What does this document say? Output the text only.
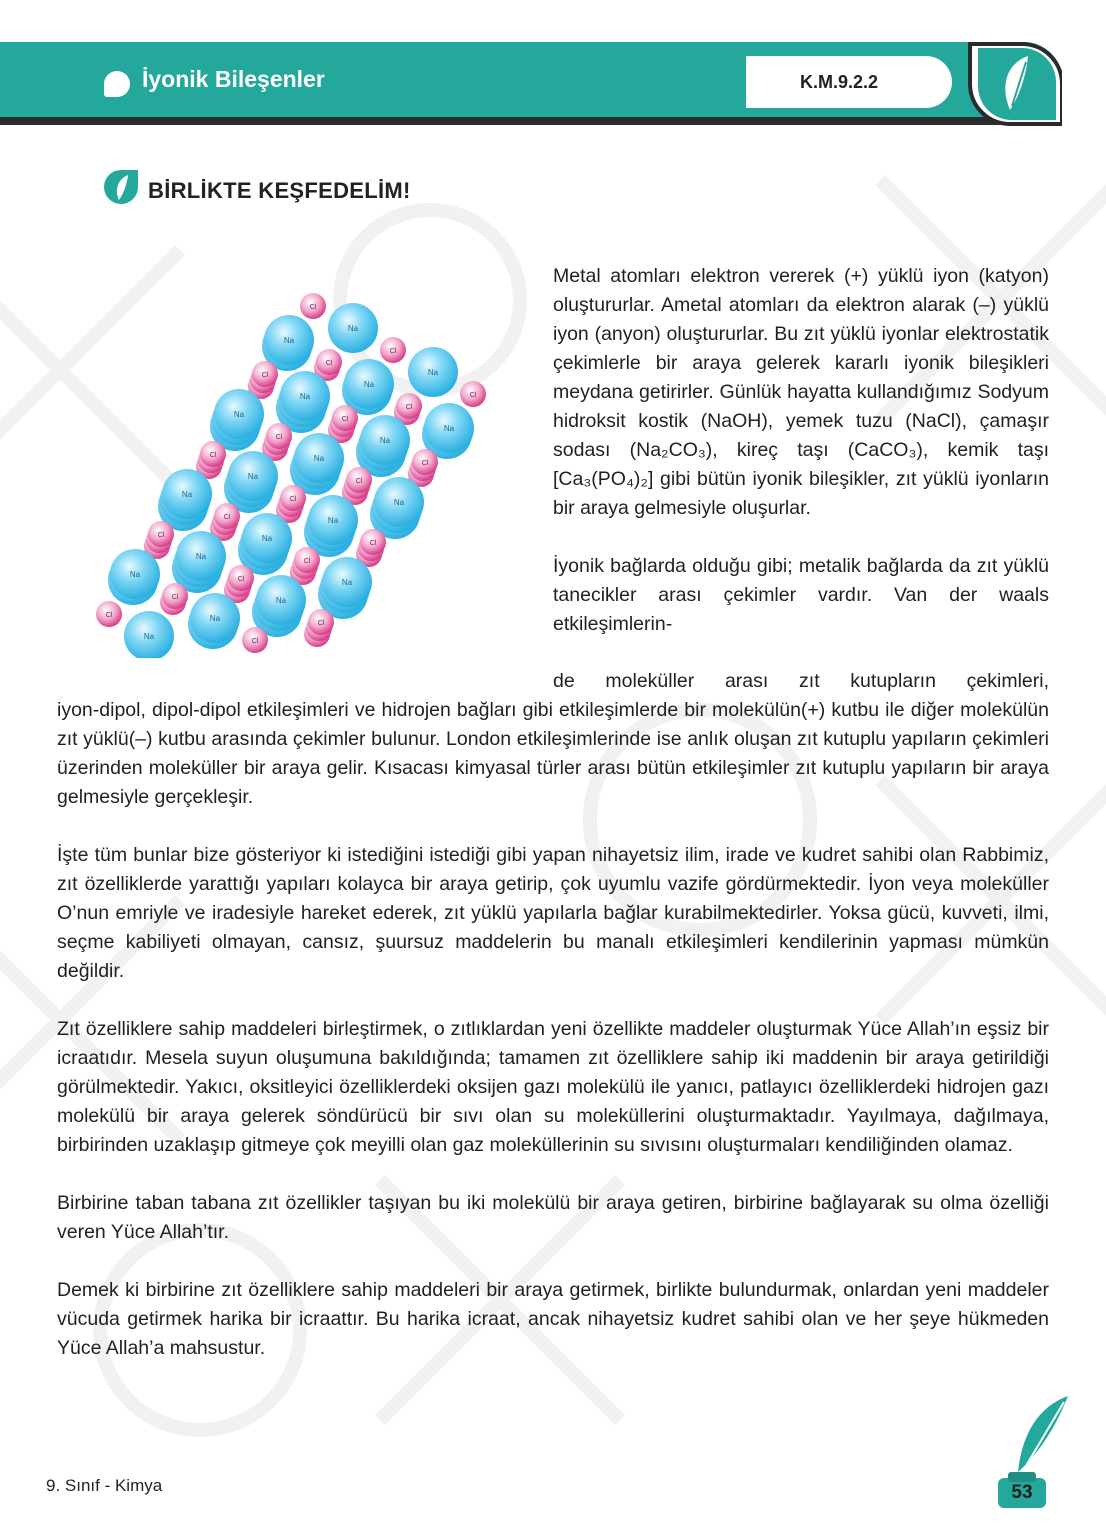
İyonik Bileşenler	K.M.9.2.2
BİRLİKTE KEŞFEDELİM!
Cl
Na
Cl
Na
Cl
Na
Cl
Na
Cl
Na
Cl
Na
Na
Cl
Cl	Na
Cl	Na
Cl
Na
Cl
Na
Cl	Na
Cl	Na
Cl	Na
Cl
Na
Cl
Na
Cl	Na
Cl	Na
Cl	Na
Cl
Na
Cl

Metal atomları elektron vererek (+) yüklü iyon (katyon) oluştururlar. Ametal atomları da elektron alarak (–) yüklü iyon (anyon) oluştururlar. Bu zıt yüklü iyonlar elektrostatik çekimlerle bir araya gelerek kararlı iyonik bileşikleri meydana getirirler. Günlük hayatta kullandığımız Sodyum hidroksit kostik (NaOH), yemek tuzu (NaCl), çamaşır sodası (Na₂CO₃), kireç taşı (CaCO₃), kemik taşı [Ca₃(PO₄)₂] gibi bütün iyonik bileşikler, zıt yüklü iyonların bir araya gelmesiyle oluşurlar.

İyonik bağlarda olduğu gibi; metalik bağlarda da zıt yüklü tanecikler arası çekimler vardır. Van der waals etkileşimlerin-

de moleküller arası zıt kutupların çekimleri,

iyon-dipol, dipol-dipol etkileşimleri ve hidrojen bağları gibi etkileşimlerde bir molekülün(+) kutbu ile diğer molekülün zıt yüklü(–) kutbu arasında çekimler bulunur. London etkileşimlerinde ise anlık oluşan zıt kutuplu yapıların çekimleri üzerinden moleküller bir araya gelir. Kısacası kimyasal türler arası bütün etkileşimler zıt kutuplu yapıların bir araya gelmesiyle gerçekleşir.

İşte tüm bunlar bize gösteriyor ki istediğini istediği gibi yapan nihayetsiz ilim, irade ve kudret sahibi olan Rabbimiz, zıt özelliklerde yarattığı yapıları kolayca bir araya getirip, çok uyumlu vazife gördürmektedir. İyon veya moleküller O’nun emriyle ve iradesiyle hareket ederek, zıt yüklü yapılarla bağlar kurabilmektedirler. Yoksa gücü, kuvveti, ilmi, seçme kabiliyeti olmayan, cansız, şuursuz maddelerin bu manalı etkileşimleri kendilerinin yapması mümkün değildir.

Zıt özelliklere sahip maddeleri birleştirmek, o zıtlıklardan yeni özellikte maddeler oluşturmak Yüce Allah’ın eşsiz bir icraatıdır. Mesela suyun oluşumuna bakıldığında; tamamen zıt özelliklere sahip iki maddenin bir araya getirildiği görülmektedir. Yakıcı, oksitleyici özelliklerdeki oksijen gazı molekülü ile yanıcı, patlayıcı özelliklerdeki hidrojen gazı molekülü bir araya gelerek söndürücü bir sıvı olan su moleküllerini oluşturmaktadır. Yayılmaya, dağılmaya, birbirinden uzaklaşıp gitmeye çok meyilli olan gaz moleküllerinin su sıvısını oluşturmaları kendiliğinden olamaz.

Birbirine taban tabana zıt özellikler taşıyan bu iki molekülü bir araya getiren, birbirine bağlayarak su olma özelliği veren Yüce Allah’tır.

Demek ki birbirine zıt özelliklere sahip maddeleri bir araya getirmek, birlikte bulundurmak, onlardan yeni maddeler vücuda getirmek harika bir icraattır. Bu harika icraat, ancak nihayetsiz kudret sahibi olan ve her şeye hükmeden Yüce Allah’a mahsustur.

9. Sınıf - Kimya	53
